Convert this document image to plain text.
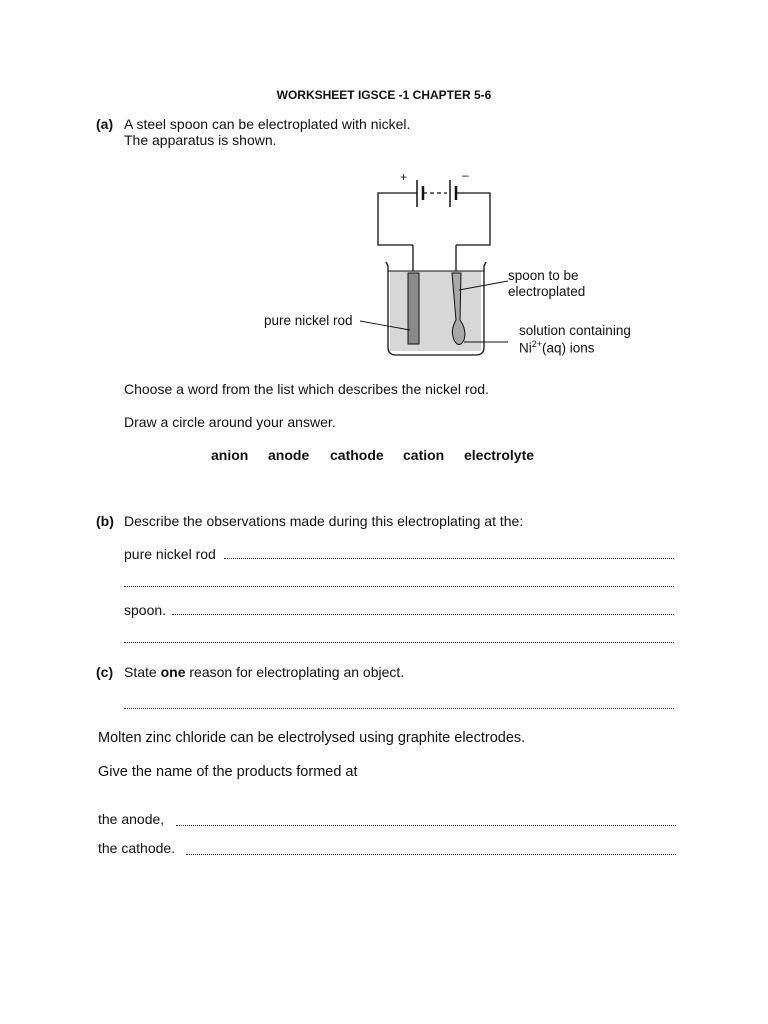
WORKSHEET IGSCE -1 CHAPTER 5-6
(a) A steel spoon can be electroplated with nickel.
The apparatus is shown.
+	–
spoon to be
electroplated
pure nickel rod
solution containing
$Ni^{2+}(aq)$ ions
Choose a word from the list which describes the nickel rod.
Draw a circle around your answer.
anion anode cathode cation electrolyte
(b) Describe the observations made during this electroplating at the:
pure nickel rod
spoon.
(c) State one reason for electroplating an object.
Molten zinc chloride can be electrolysed using graphite electrodes.
Give the name of the products formed at
the anode,
the cathode.
